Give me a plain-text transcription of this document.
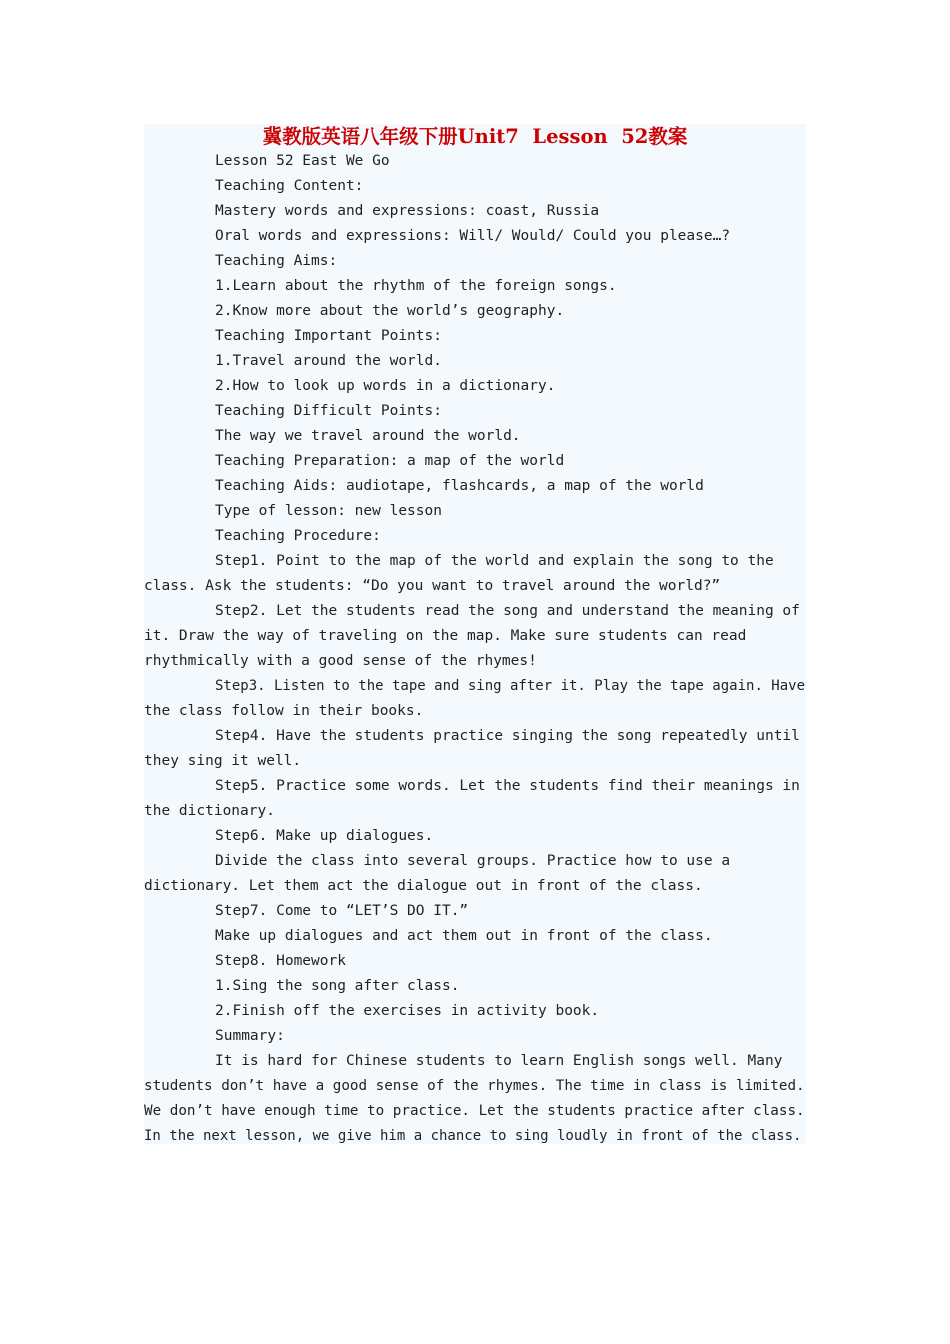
冀教版英语八年级下册Unit7  Lesson  52教案
Lesson 52 East We Go
Teaching Content:
Mastery words and expressions: coast, Russia
Oral words and expressions: Will/ Would/ Could you please…?
Teaching Aims:
1.Learn about the rhythm of the foreign songs.
2.Know more about the world’s geography.
Teaching Important Points:
1.Travel around the world.
2.How to look up words in a dictionary.
Teaching Difficult Points:
The way we travel around the world.
Teaching Preparation: a map of the world
Teaching Aids: audiotape, flashcards, a map of the world
Type of lesson: new lesson
Teaching Procedure:
Step1. Point to the map of the world and explain the song to the
class. Ask the students: “Do you want to travel around the world?”
Step2. Let the students read the song and understand the meaning of
it. Draw the way of traveling on the map. Make sure students can read
rhythmically with a good sense of the rhymes!
Step3. Listen to the tape and sing after it. Play the tape again. Have
the class follow in their books.
Step4. Have the students practice singing the song repeatedly until
they sing it well.
Step5. Practice some words. Let the students find their meanings in
the dictionary.
Step6. Make up dialogues.
Divide the class into several groups. Practice how to use a
dictionary. Let them act the dialogue out in front of the class.
Step7. Come to “LET’S DO IT.”
Make up dialogues and act them out in front of the class.
Step8. Homework
1.Sing the song after class.
2.Finish off the exercises in activity book.
Summary:
It is hard for Chinese students to learn English songs well. Many
students don’t have a good sense of the rhymes. The time in class is limited.
We don’t have enough time to practice. Let the students practice after class.
In the next lesson, we give him a chance to sing loudly in front of the class.
